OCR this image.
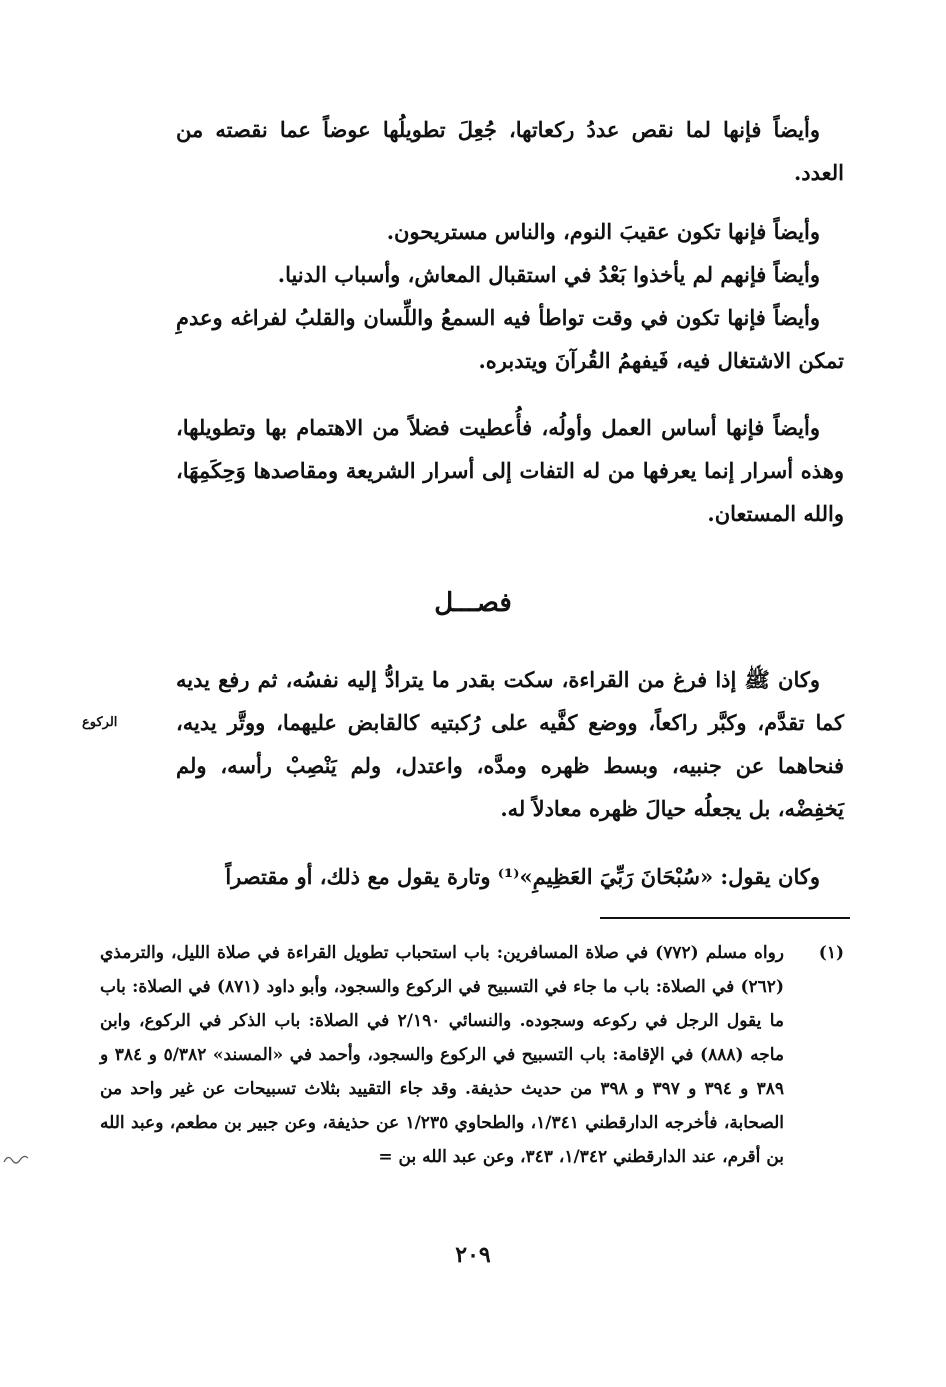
وأيضاً فإنها لما نقص عددُ ركعاتها، جُعِلَ تطويلُها عوضاً عما نقصته من العدد.

وأيضاً فإنها تكون عقيبَ النوم، والناس مستريحون.

وأيضاً فإنهم لم يأخذوا بَعْدُ في استقبال المعاش، وأسباب الدنيا.

وأيضاً فإنها تكون في وقت تواطأ فيه السمعُ واللِّسان والقلبُ لفراغه وعدمِ تمكن الاشتغال فيه، فَيفهمُ القُرآنَ ويتدبره.

وأيضاً فإنها أساس العمل وأولُه، فأُعطيت فضلاً من الاهتمام بها وتطويلها، وهذه أسرار إنما يعرفها من له التفات إلى أسرار الشريعة ومقاصدها وَحِكَمِهَا، والله المستعان.

فصـــل

وكان ﷺ إذا فرغ من القراءة، سكت بقدر ما يترادُّ إليه نفسُه، ثم رفع يديه كما تقدَّم، وكبَّر راكعاً، ووضع كفَّيه على رُكبتيه كالقابض عليهما، ووتَّر يديه، فنحاهما عن جنبيه، وبسط ظهره ومدَّه، واعتدل، ولم يَنْصِبْ رأسه، ولم يَخفِضْه، بل يجعلُه حيالَ ظهره معادلاً له.

الركوع

وكان يقول: «سُبْحَانَ رَبِّيَ العَظِيمِ»⁽¹⁾ وتارة يقول مع ذلك، أو مقتصراً

(١)
رواه مسلم (٧٧٢) في صلاة المسافرين: باب استحباب تطويل القراءة في صلاة الليل، والترمذي (٢٦٢) في الصلاة: باب ما جاء في التسبيح في الركوع والسجود، وأبو داود (٨٧١) في الصلاة: باب ما يقول الرجل في ركوعه وسجوده. والنسائي ٢/١٩٠ في الصلاة: باب الذكر في الركوع، وابن ماجه (٨٨٨) في الإقامة: باب التسبيح في الركوع والسجود، وأحمد في «المسند» ٥/٣٨٢ و ٣٨٤ و ٣٨٩ و ٣٩٤ و ٣٩٧ و ٣٩٨ من حديث حذيفة. وقد جاء التقييد بثلاث تسبيحات عن غير واحد من الصحابة، فأخرجه الدارقطني ١/٣٤١، والطحاوي ١/٢٣٥ عن حذيفة، وعن جبير بن مطعم، وعبد الله بن أقرم، عند الدارقطني ١/٣٤٢، ٣٤٣، وعن عبد الله بن =
٢٠٩
